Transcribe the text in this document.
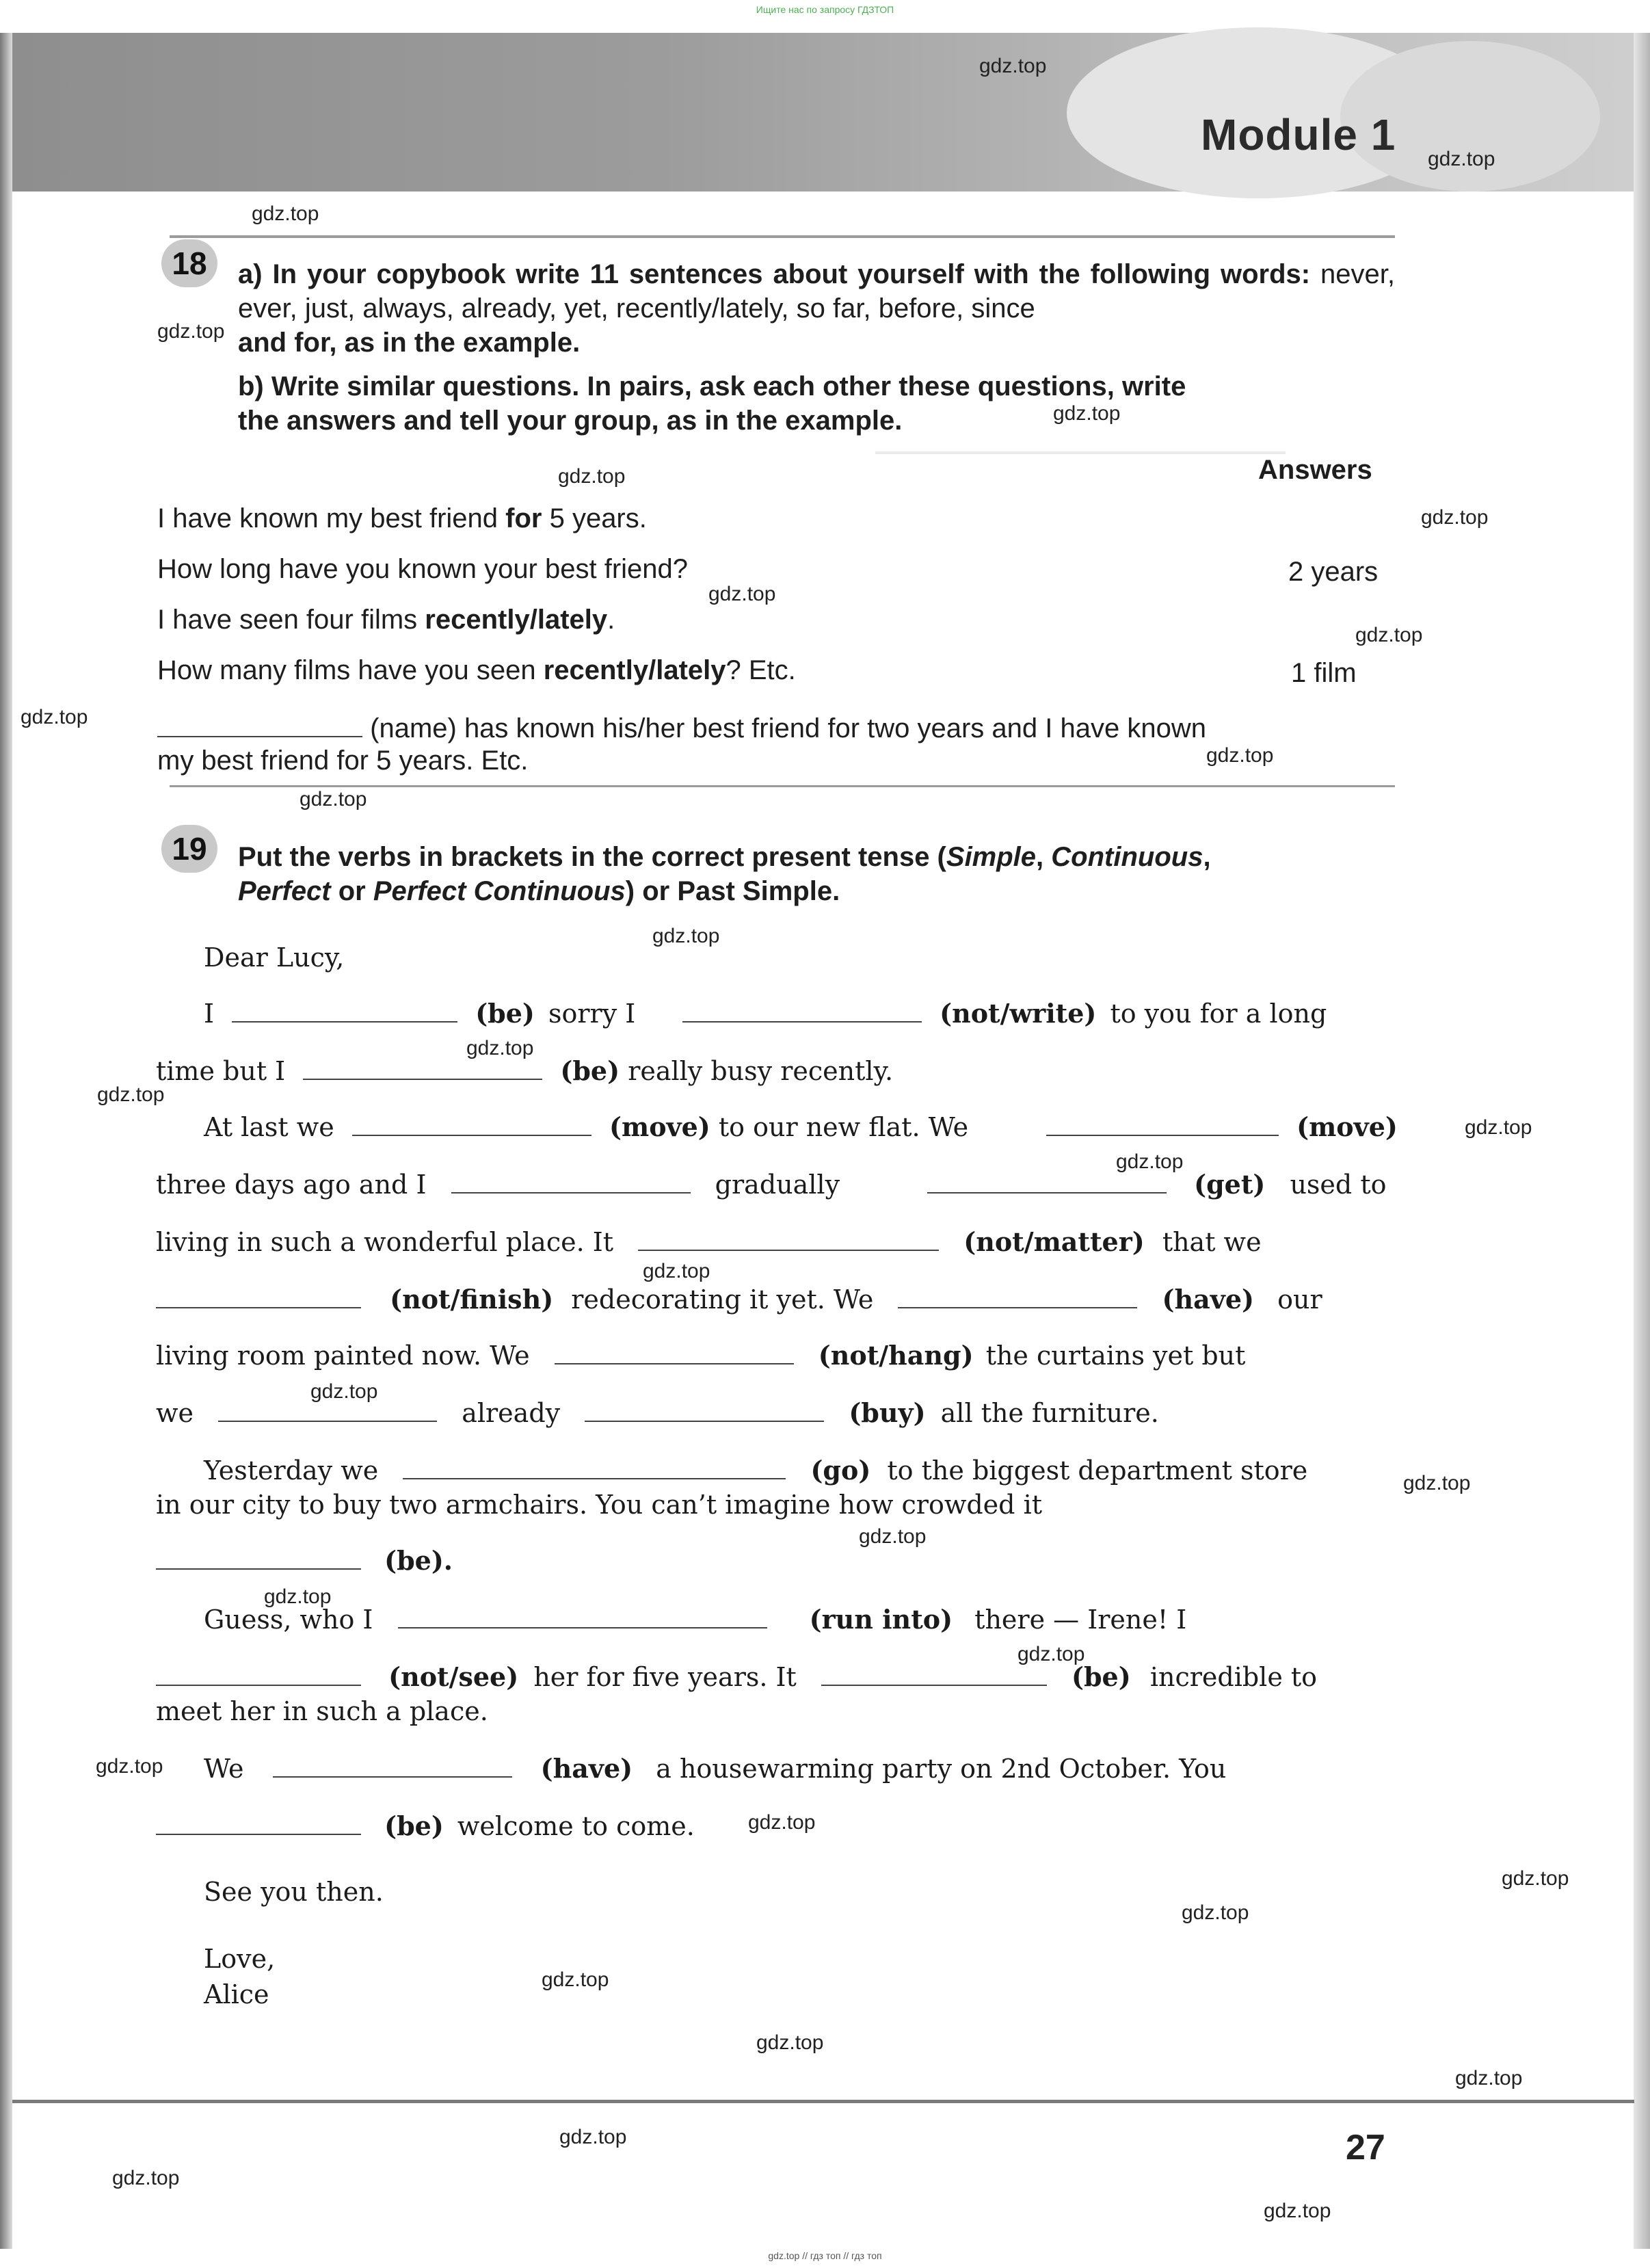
Ищите нас по запросу ГДЗТОП
Module 1
18	a) In your copybook write 11 sentences about yourself with the following words: never, ever, just, always, already, yet, recently/lately, so far, before, since
and for, as in the example.
b) Write similar questions. In pairs, ask each other these questions, write
the answers and tell your group, as in the example.
Answers
I have known my best friend for 5 years.
How long have you known your best friend?	2 years
I have seen four films recently/lately.
How many films have you seen recently/lately? Etc.	1 film
(name) has known his/her best friend for two years and I have known
my best friend for 5 years. Etc.
19	Put the verbs in brackets in the correct present tense (Simple, Continuous,
Perfect or Perfect Continuous) or Past Simple.
Dear Lucy,
I	(be) sorry I	(not/write) to you for a long
time but I	(be) really busy recently.
At last we	(move) to our new flat. We	(move)
three days ago and I	gradually	(get) used to
living in such a wonderful place. It	(not/matter) that we
(not/finish) redecorating it yet. We	(have) our
living room painted now. We	(not/hang) the curtains yet but
we	already	(buy) all the furniture.
Yesterday we	(go) to the biggest department store
in our city to buy two armchairs. You can’t imagine how crowded it
(be).
Guess, who I	(run into) there — Irene! I
(not/see) her for five years. It	(be) incredible to
meet her in such a place.
We	(have) a housewarming party on 2nd October. You
(be) welcome to come.
See you then.
Love,
Alice
27
gdz.top
gdz.top
gdz.top
gdz.top
gdz.top
gdz.top
gdz.top
gdz.top
gdz.top
gdz.top
gdz.top
gdz.top
gdz.top
gdz.top
gdz.top
gdz.top
gdz.top
gdz.top
gdz.top
gdz.top
gdz.top
gdz.top
gdz.top
gdz.top
gdz.top
gdz.top
gdz.top
gdz.top
gdz.top
gdz.top
gdz.top
gdz.top
gdz.top
gdz.top // гдз топ // гдз топ
